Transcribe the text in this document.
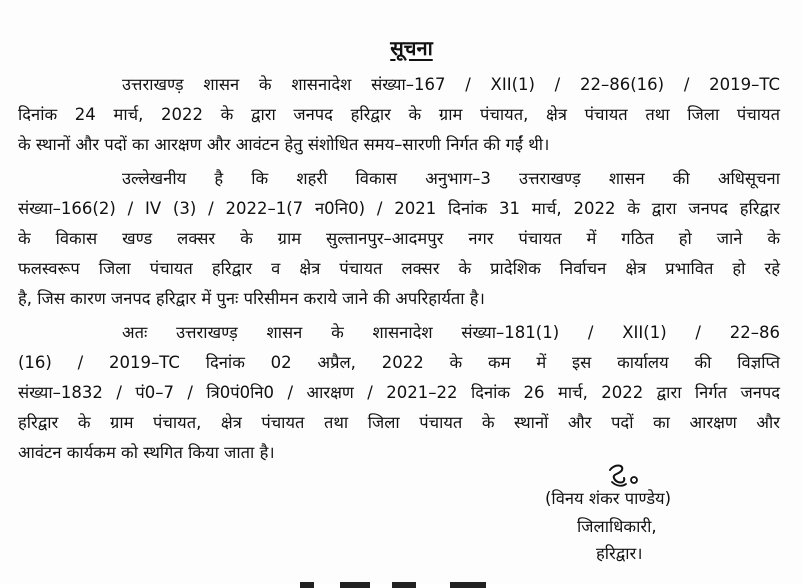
सूचना
उत्तराखण्ड़ शासन के शासनादेश संख्या–167 / XII(1) / 22–86(16) / 2019–TC
दिनांक 24 मार्च, 2022 के द्वारा जनपद हरिद्वार के ग्राम पंचायत, क्षेत्र पंचायत तथा जिला पंचायत
के स्थानों और पदों का आरक्षण और आवंटन हेतु संशोधित समय–सारणी निर्गत की गईं थी।
उल्लेखनीय है कि शहरी विकास अनुभाग–3 उत्तराखण्ड़ शासन की अधिसूचना
संख्या–166(2) / IV (3) / 2022–1(7 न0नि0) / 2021 दिनांक 31 मार्च, 2022 के द्वारा जनपद हरिद्वार
के विकास खण्ड लक्सर के ग्राम सुल्तानपुर–आदमपुर नगर पंचायत में गठित हो जाने के
फलस्वरूप जिला पंचायत हरिद्वार व क्षेत्र पंचायत लक्सर के प्रादेशिक निर्वाचन क्षेत्र प्रभावित हो रहे
है, जिस कारण जनपद हरिद्वार में पुनः परिसीमन कराये जाने की अपरिहार्यता है।
अतः उत्तराखण्ड़ शासन के शासनादेश संख्या–181(1) / XII(1) / 22–86
(16) / 2019–TC दिनांक 02 अप्रैल, 2022 के कम में इस कार्यालय की विज्ञप्ति
संख्या–1832 / पं0–7 / त्रि0पं0नि0 / आरक्षण / 2021–22 दिनांक 26 मार्च, 2022 द्वारा निर्गत जनपद
हरिद्वार के ग्राम पंचायत, क्षेत्र पंचायत तथा जिला पंचायत के स्थानों और पदों का आरक्षण और
आवंटन कार्यकम को स्थगित किया जाता है।
(विनय शंकर पाण्डेय)
जिलाधिकारी,
हरिद्वार।
